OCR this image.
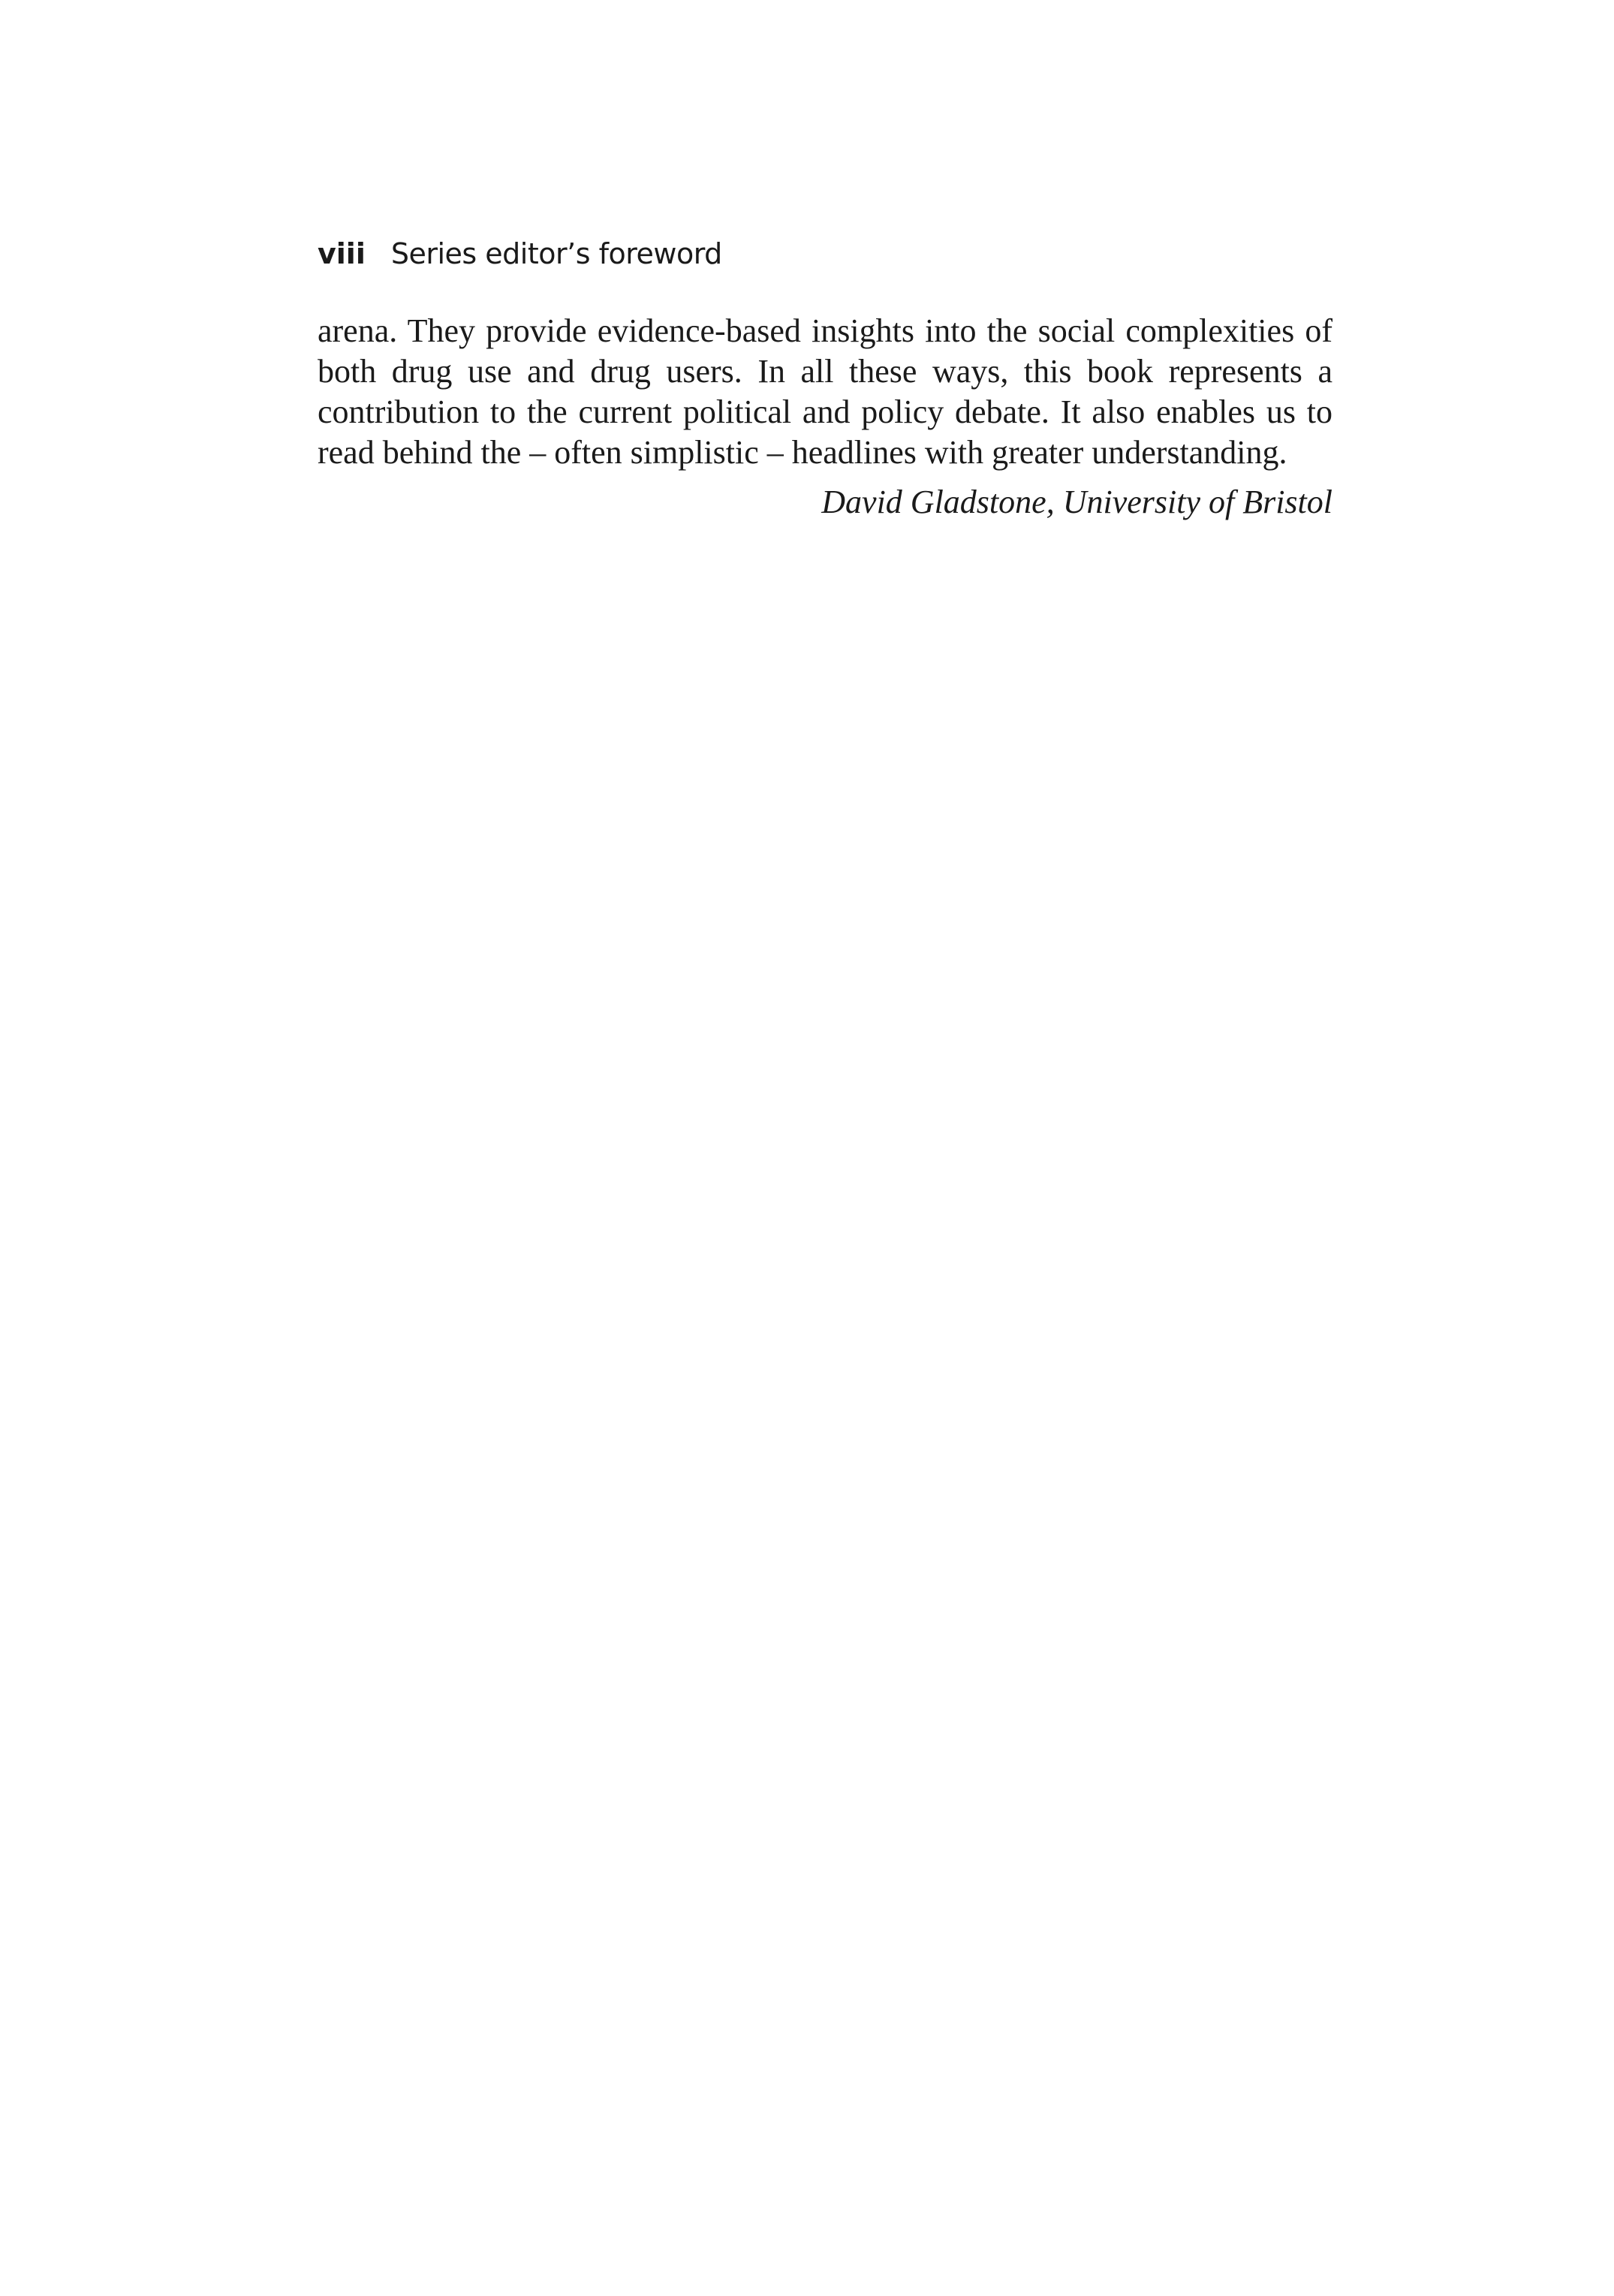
viii Series editor’s foreword

arena. They provide evidence-based insights into the social complexities of
both drug use and drug users. In all these ways, this book represents a
contribution to the current political and policy debate. It also enables us to
read behind the – often simplistic – headlines with greater understanding.

David Gladstone, University of Bristol
